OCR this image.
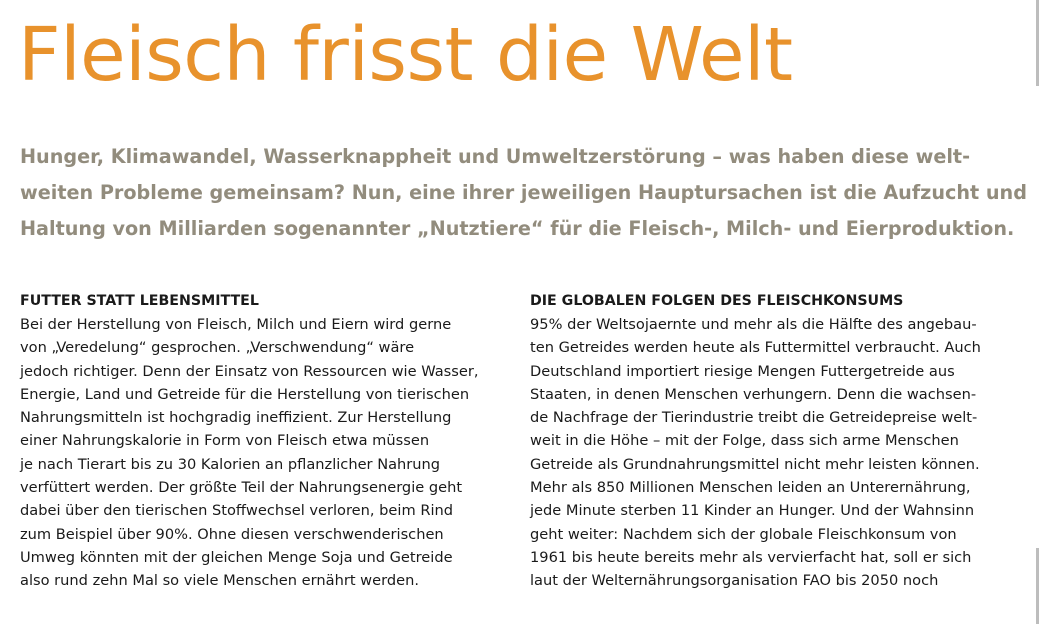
Fleisch frisst die Welt
Hunger, Klimawandel, Wasserknappheit und Umweltzerstörung – was haben diese welt-
weiten Probleme gemeinsam? Nun, eine ihrer jeweiligen Hauptursachen ist die Aufzucht und
Haltung von Milliarden sogenannter „Nutztiere“ für die Fleisch-, Milch- und Eierproduktion.
FUTTER STATT LEBENSMITTEL
Bei der Herstellung von Fleisch, Milch und Eiern wird gerne
von „Veredelung“ gesprochen. „Verschwendung“ wäre
jedoch richtiger. Denn der Einsatz von Ressourcen wie Wasser,
Energie, Land und Getreide für die Herstellung von tierischen
Nahrungsmitteln ist hochgradig ineffizient. Zur Herstellung
einer Nahrungskalorie in Form von Fleisch etwa müssen
je nach Tierart bis zu 30 Kalorien an pflanzlicher Nahrung
verfüttert werden. Der größte Teil der Nahrungsenergie geht
dabei über den tierischen Stoffwechsel verloren, beim Rind
zum Beispiel über 90%. Ohne diesen verschwenderischen
Umweg könnten mit der gleichen Menge Soja und Getreide
also rund zehn Mal so viele Menschen ernährt werden.
DIE GLOBALEN FOLGEN DES FLEISCHKONSUMS
95% der Weltsojaernte und mehr als die Hälfte des angebau-
ten Getreides werden heute als Futtermittel verbraucht. Auch
Deutschland importiert riesige Mengen Futtergetreide aus
Staaten, in denen Menschen verhungern. Denn die wachsen-
de Nachfrage der Tierindustrie treibt die Getreidepreise welt-
weit in die Höhe – mit der Folge, dass sich arme Menschen
Getreide als Grundnahrungsmittel nicht mehr leisten können.
Mehr als 850 Millionen Menschen leiden an Unterernährung,
jede Minute sterben 11 Kinder an Hunger. Und der Wahnsinn
geht weiter: Nachdem sich der globale Fleischkonsum von
1961 bis heute bereits mehr als vervierfacht hat, soll er sich
laut der Welternährungsorganisation FAO bis 2050 noch
